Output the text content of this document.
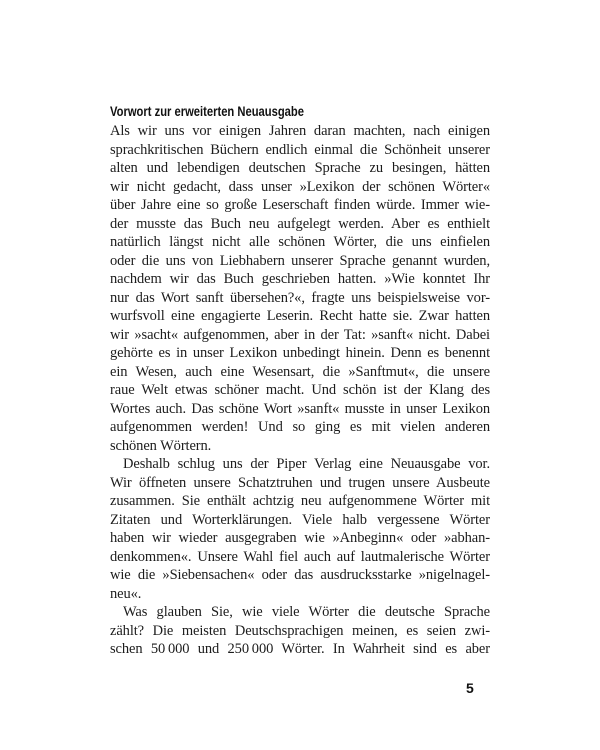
Vorwort zur erweiterten Neuausgabe
Als wir uns vor einigen Jahren daran machten, nach einigen
sprachkritischen Büchern endlich einmal die Schönheit unserer
alten und lebendigen deutschen Sprache zu besingen, hätten
wir nicht gedacht, dass unser »Lexikon der schönen Wörter«
über Jahre eine so große Leserschaft finden würde. Immer wie-
der musste das Buch neu aufgelegt werden. Aber es enthielt
natürlich längst nicht alle schönen Wörter, die uns einfielen
oder die uns von Liebhabern unserer Sprache genannt wurden,
nachdem wir das Buch geschrieben hatten. »Wie konntet Ihr
nur das Wort sanft übersehen?«, fragte uns beispielsweise vor-
wurfsvoll eine engagierte Leserin. Recht hatte sie. Zwar hatten
wir »sacht« aufgenommen, aber in der Tat: »sanft« nicht. Dabei
gehörte es in unser Lexikon unbedingt hinein. Denn es benennt
ein Wesen, auch eine Wesensart, die »Sanftmut«, die unsere
raue Welt etwas schöner macht. Und schön ist der Klang des
Wortes auch. Das schöne Wort »sanft« musste in unser Lexikon
aufgenommen werden! Und so ging es mit vielen anderen
schönen Wörtern.
Deshalb schlug uns der Piper Verlag eine Neuausgabe vor.
Wir öffneten unsere Schatztruhen und trugen unsere Ausbeute
zusammen. Sie enthält achtzig neu aufgenommene Wörter mit
Zitaten und Worterklärungen. Viele halb vergessene Wörter
haben wir wieder ausgegraben wie »Anbeginn« oder »abhan-
denkommen«. Unsere Wahl fiel auch auf lautmalerische Wörter
wie die »Siebensachen« oder das ausdrucksstarke »nigelnagel-
neu«.
Was glauben Sie, wie viele Wörter die deutsche Sprache
zählt? Die meisten Deutschsprachigen meinen, es seien zwi-
schen 50 000 und 250 000 Wörter. In Wahrheit sind es aber
5
